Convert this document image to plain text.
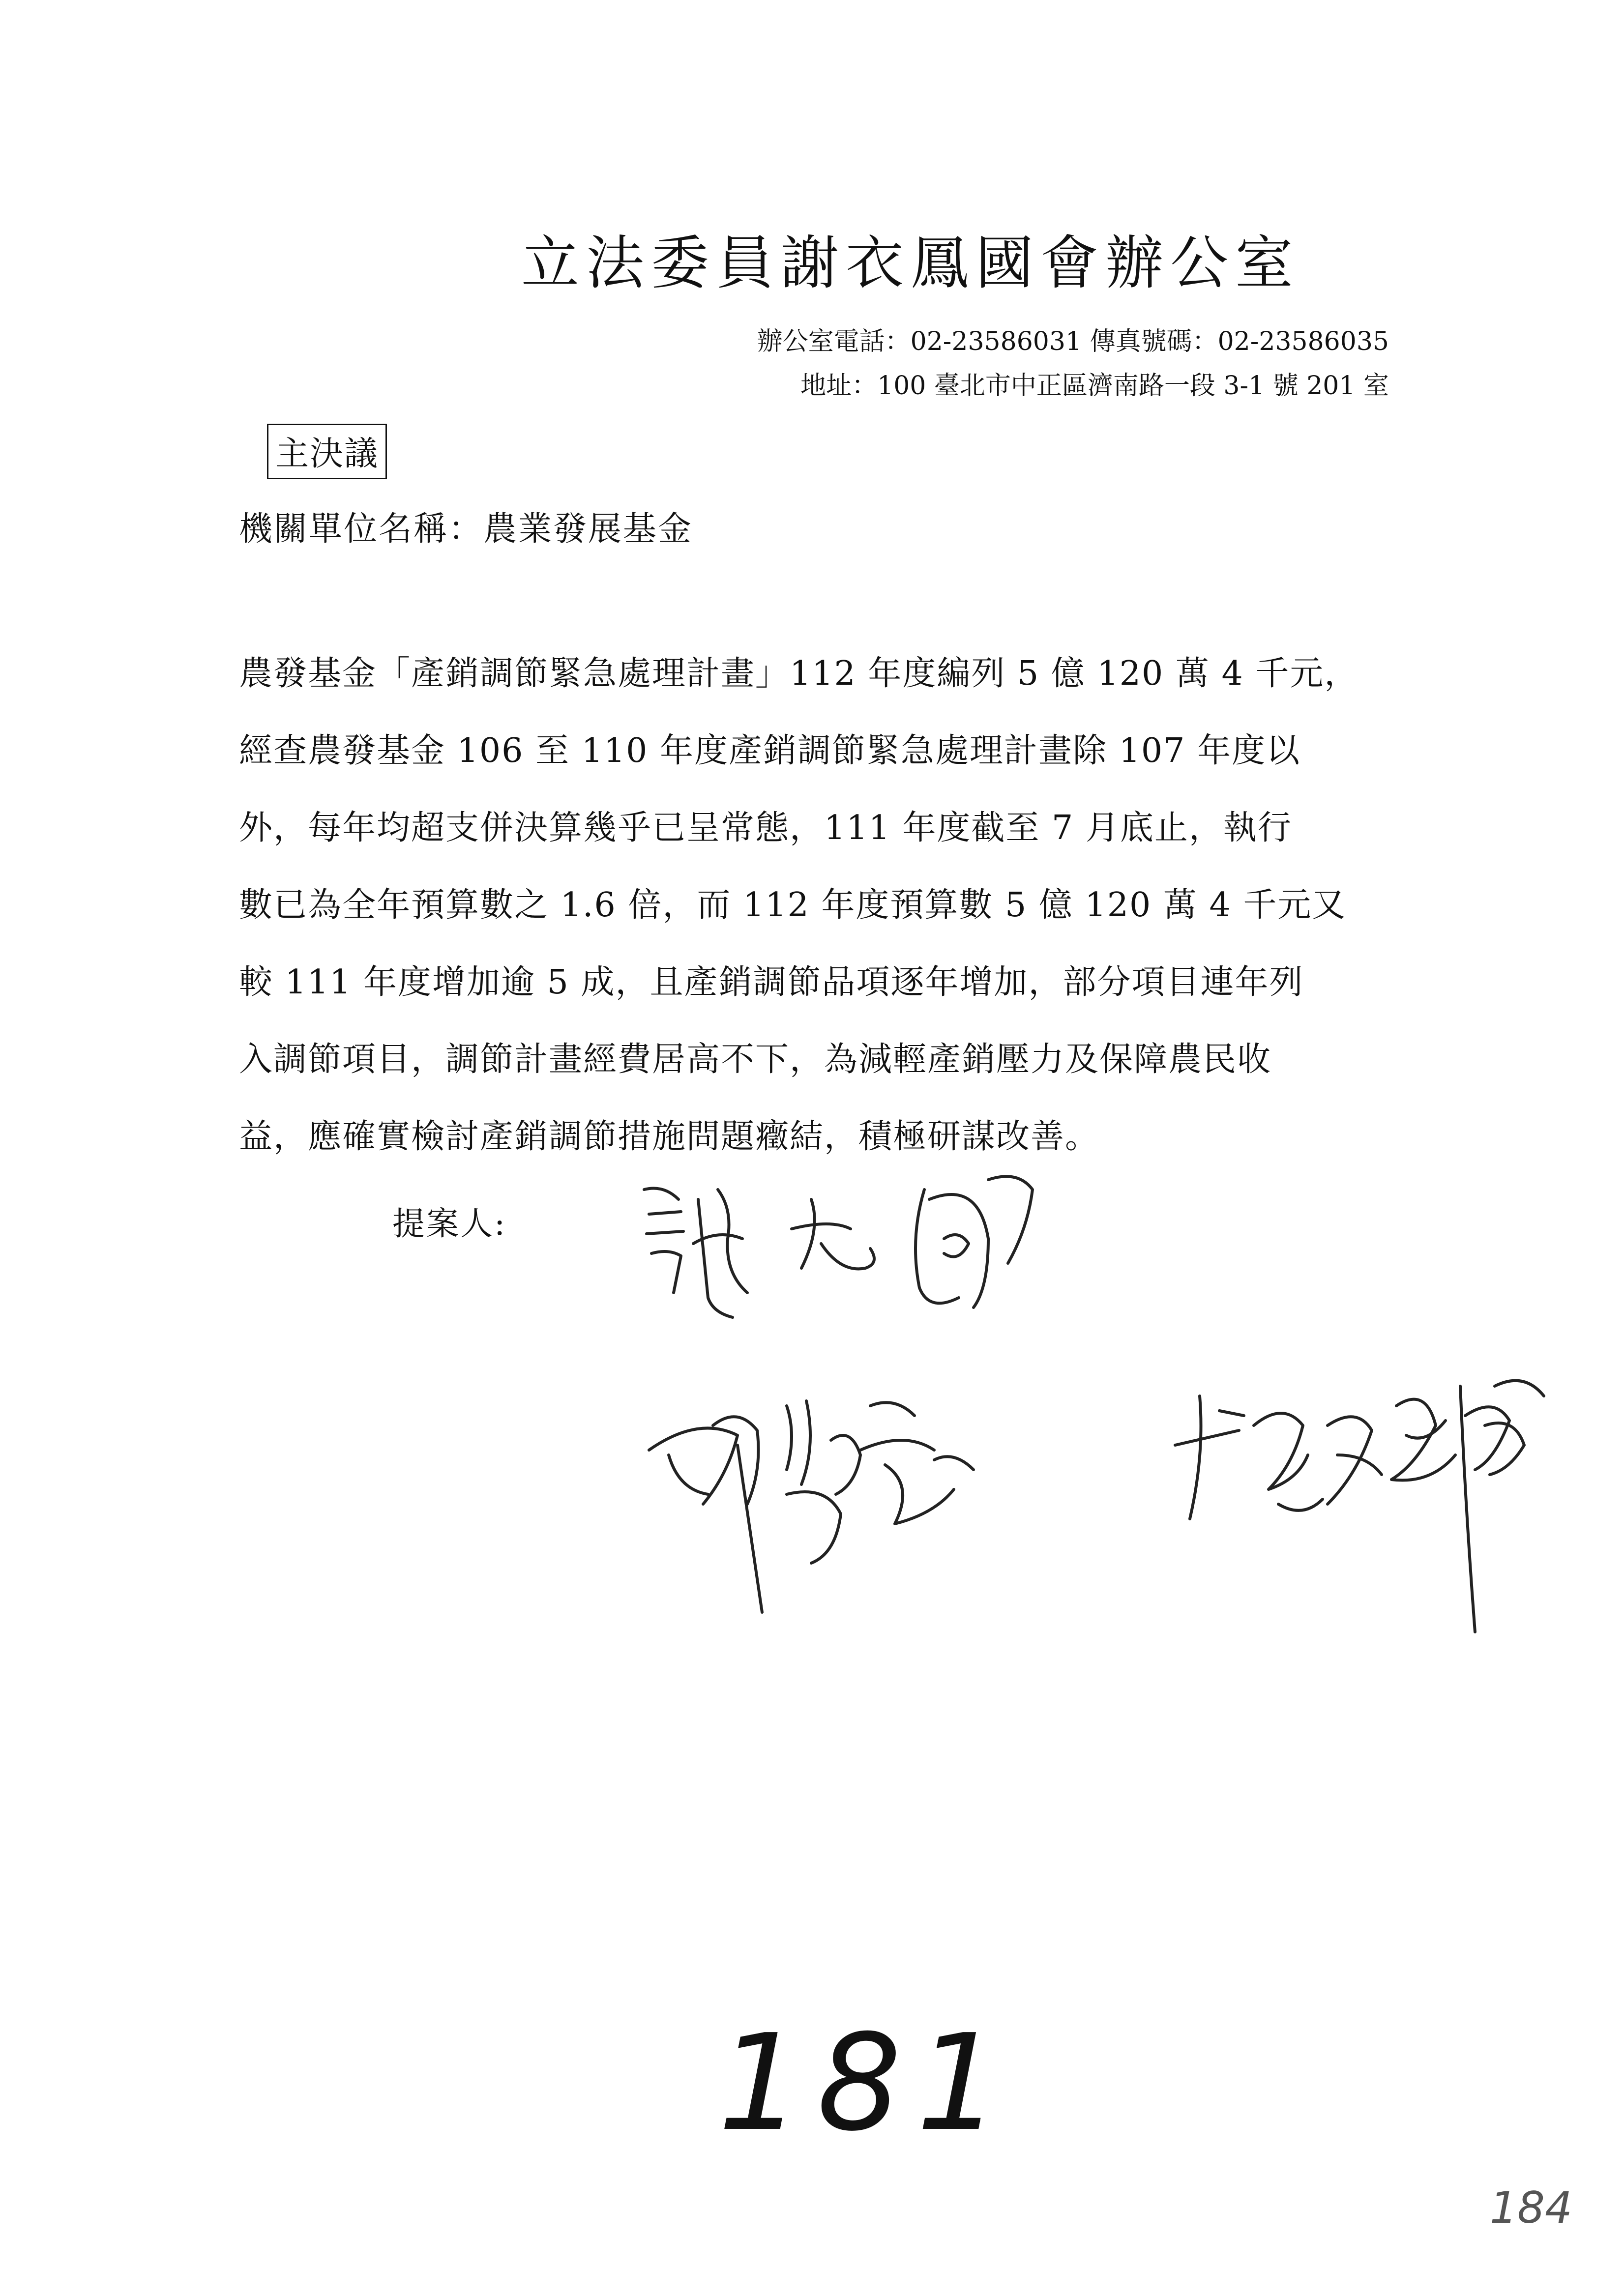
立法委員謝衣鳳國會辦公室
辦公室電話：02-23586031 傳真號碼：02-23586035
地址：100 臺北市中正區濟南路一段 3-1 號 201 室
主決議
機關單位名稱：農業發展基金
農發基金「產銷調節緊急處理計畫」112 年度編列 5 億 120 萬 4 千元，
經查農發基金 106 至 110 年度產銷調節緊急處理計畫除 107 年度以
外，每年均超支併決算幾乎已呈常態，111 年度截至 7 月底止，執行
數已為全年預算數之 1.6 倍，而 112 年度預算數 5 億 120 萬 4 千元又
較 111 年度增加逾 5 成，且產銷調節品項逐年增加，部分項目連年列
入調節項目，調節計畫經費居高不下，為減輕產銷壓力及保障農民收
益，應確實檢討產銷調節措施問題癥結，積極研謀改善。
提案人:
181
184
